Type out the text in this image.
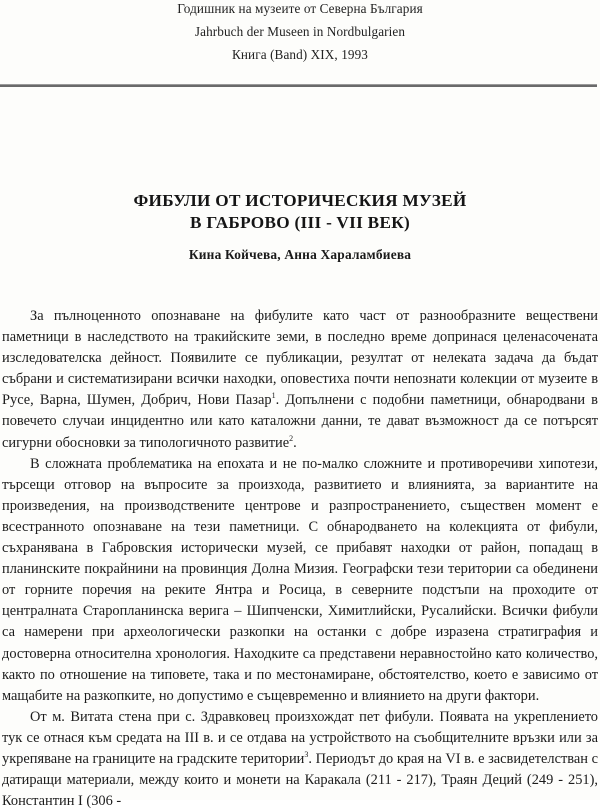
Годишник на музеите от Северна България
Jahrbuch der Museen in Nordbulgarien
Книга (Band) XIX, 1993
ФИБУЛИ ОТ ИСТОРИЧЕСКИЯ МУЗЕЙ
В ГАБРОВО (III - VII ВЕК)
Кина Койчева, Анна Хараламбиева

За пълноценното опознаване на фибулите като част от разнообразните веществени паметници в наследството на тракийските земи, в последно време допринася целенасочената изследователска дейност. Появилите се публикации, резултат от нелеката задача да бъдат събрани и систематизирани всички находки, оповестиха почти непознати колекции от музеите в Русе, Варна, Шумен, Добрич, Нови Пазар$^1$. Допълнени с подобни паметници, обнародвани в повечето случаи инцидентно или като каталожни данни, те дават възможност да се потърсят сигурни обосновки за типологичното развитие$^2$.

В сложната проблематика на епохата и не по-малко сложните и противоречиви хипотези, търсещи отговор на въпросите за произхода, развитието и влиянията, за вариантите на произведения, на производствените центрове и разпространението, съществен момент е всестранното опознаване на тези паметници. С обнародването на колекцията от фибули, съхранявана в Габровския исторически музей, се прибавят находки от район, попадащ в планинските покрайнини на провинция Долна Мизия. Географски тези територии са обединени от горните поречия на реките Янтра и Росица, в северните подстъпи на проходите от централната Старопланинска верига – Шипченски, Химитлийски, Русалийски. Всички фибули са намерени при археологически разкопки на останки с добре изразена стратиграфия и достоверна относителна хронология. Находките са представени неравностойно като количество, както по отношение на типовете, така и по местонамиране, обстоятелство, което е зависимо от мащабите на разкопките, но допустимо е същевременно и влиянието на други фактори.

От м. Витата стена при с. Здравковец произхождат пет фибули. Появата на укреплението тук се отнася към средата на III в. и се отдава на устройството на съобщителните връзки или за укрепяване на границите на градските територии$^3$. Периодът до края на VI в. е засвидетелстван с датиращи материали, между които и монети на Каракала (211 - 217), Траян Деций (249 - 251), Константин I (306 -
